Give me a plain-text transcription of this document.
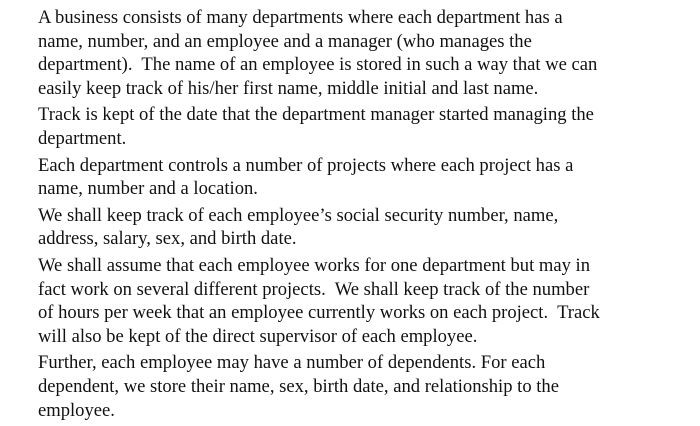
A business consists of many departments where each department has a
name, number, and an employee and a manager (who manages the
department).  The name of an employee is stored in such a way that we can
easily keep track of his/her first name, middle initial and last name.

Track is kept of the date that the department manager started managing the
department.

Each department controls a number of projects where each project has a
name, number and a location.

We shall keep track of each employee’s social security number, name,
address, salary, sex, and birth date.

We shall assume that each employee works for one department but may in
fact work on several different projects.  We shall keep track of the number
of hours per week that an employee currently works on each project.  Track
will also be kept of the direct supervisor of each employee.

Further, each employee may have a number of dependents. For each
dependent, we store their name, sex, birth date, and relationship to the
employee.
